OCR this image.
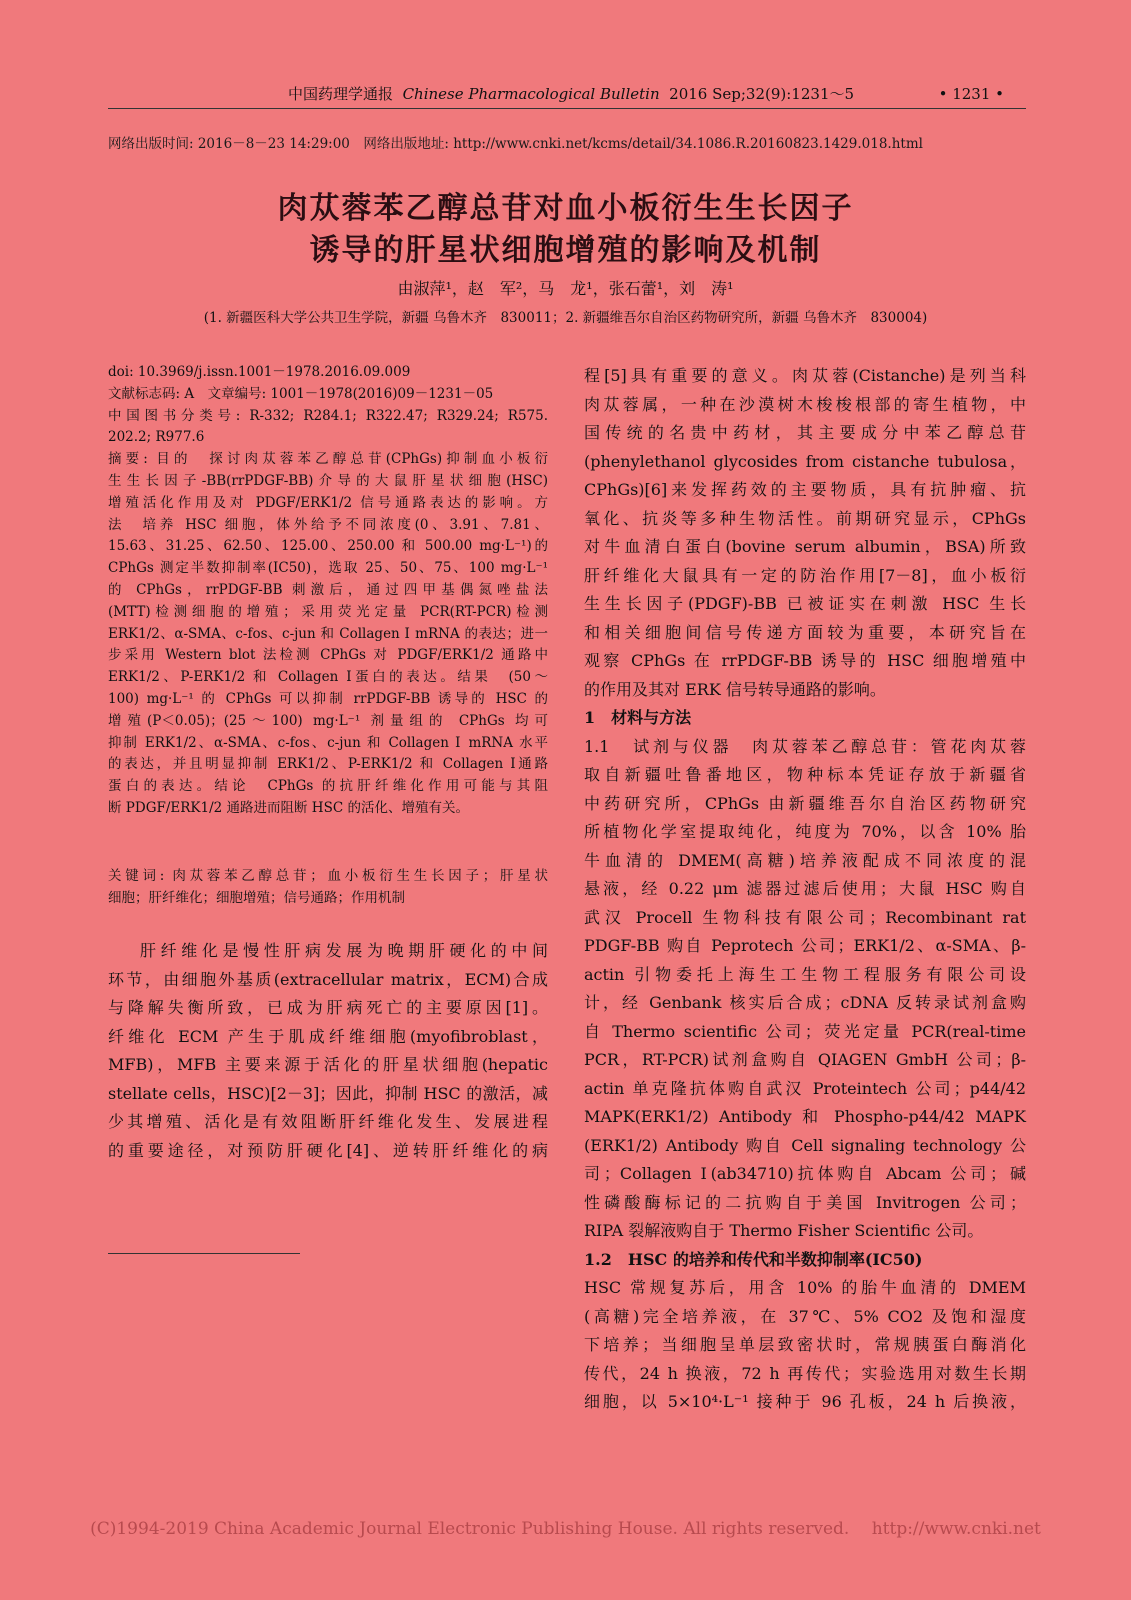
中国药理学通报 Chinese Pharmacological Bulletin 2016 Sep;32(9):1231～5	• 1231 •
网络出版时间: 2016－8－23 14:29:00　网络出版地址: http://www.cnki.net/kcms/detail/34.1086.R.20160823.1429.018.html
肉苁蓉苯乙醇总苷对血小板衍生生长因子
诱导的肝星状细胞增殖的影响及机制
由淑萍¹，赵　军²，马　龙¹，张石蕾¹，刘　涛¹
(1. 新疆医科大学公共卫生学院，新疆 乌鲁木齐　830011；2. 新疆维吾尔自治区药物研究所，新疆 乌鲁木齐　830004)

doi: 10.3969/j.issn.1001－1978.2016.09.009

文献标志码: A　文章编号: 1001－1978(2016)09－1231－05

中国图书分类号: R-332; R284.1; R322.47; R329.24; R575.

202.2; R977.6

摘要: 目的　探讨肉苁蓉苯乙醇总苷(CPhGs)抑制血小板衍

生生长因子-BB(rrPDGF-BB)介导的大鼠肝星状细胞(HSC)

增殖活化作用及对 PDGF/ERK1/2 信号通路表达的影响。方

法　培养 HSC 细胞，体外给予不同浓度(0、3.91、7.81、

15.63、31.25、62.50、125.00、250.00 和 500.00 mg·L⁻¹)的

CPhGs 测定半数抑制率(IC50)，选取 25、50、75、100 mg·L⁻¹

的 CPhGs，rrPDGF-BB 刺激后，通过四甲基偶氮唑盐法

(MTT)检测细胞的增殖；采用荧光定量 PCR(RT-PCR)检测

ERK1/2、α-SMA、c-fos、c-jun 和 Collagen Ⅰ mRNA 的表达；进一

步采用 Western blot 法检测 CPhGs 对 PDGF/ERK1/2 通路中

ERK1/2、P-ERK1/2 和 Collagen Ⅰ蛋白的表达。结果　(50～

100) mg·L⁻¹ 的 CPhGs 可以抑制 rrPDGF-BB 诱导的 HSC 的

增殖(P＜0.05)；(25～100) mg·L⁻¹ 剂量组的 CPhGs 均可

抑制 ERK1/2、α-SMA、c-fos、c-jun 和 Collagen Ⅰ mRNA 水平

的表达，并且明显抑制 ERK1/2、P-ERK1/2 和 Collagen Ⅰ通路

蛋白的表达。结论　CPhGs 的抗肝纤维化作用可能与其阻

断 PDGF/ERK1/2 通路进而阻断 HSC 的活化、增殖有关。

关键词: 肉苁蓉苯乙醇总苷；血小板衍生生长因子；肝星状

细胞；肝纤维化；细胞增殖；信号通路；作用机制

肝纤维化是慢性肝病发展为晚期肝硬化的中间

环节，由细胞外基质(extracellular matrix，ECM)合成

与降解失衡所致，已成为肝病死亡的主要原因[1]。

纤维化 ECM 产生于肌成纤维细胞(myofibroblast，

MFB)，MFB 主要来源于活化的肝星状细胞(hepatic

stellate cells，HSC)[2－3]；因此，抑制 HSC 的激活，减

少其增殖、活化是有效阻断肝纤维化发生、发展进程

的重要途径，对预防肝硬化[4]、逆转肝纤维化的病

程[5]具有重要的意义。肉苁蓉(Cistanche)是列当科

肉苁蓉属，一种在沙漠树木梭梭根部的寄生植物，中

国传统的名贵中药材，其主要成分中苯乙醇总苷

(phenylethanol glycosides from cistanche tubulosa，

CPhGs)[6]来发挥药效的主要物质，具有抗肿瘤、抗

氧化、抗炎等多种生物活性。前期研究显示，CPhGs

对牛血清白蛋白(bovine serum albumin，BSA)所致

肝纤维化大鼠具有一定的防治作用[7－8]，血小板衍

生生长因子(PDGF)-BB 已被证实在刺激 HSC 生长

和相关细胞间信号传递方面较为重要，本研究旨在

观察 CPhGs 在 rrPDGF-BB 诱导的 HSC 细胞增殖中

的作用及其对 ERK 信号转导通路的影响。

1　材料与方法

1.1　试剂与仪器　肉苁蓉苯乙醇总苷：管花肉苁蓉

取自新疆吐鲁番地区，物种标本凭证存放于新疆省

中药研究所，CPhGs 由新疆维吾尔自治区药物研究

所植物化学室提取纯化，纯度为 70%，以含 10% 胎

牛血清的 DMEM(高糖)培养液配成不同浓度的混

悬液，经 0.22 μm 滤器过滤后使用；大鼠 HSC 购自

武汉 Procell 生物科技有限公司；Recombinant rat

PDGF-BB 购自 Peprotech 公司；ERK1/2、α-SMA、β-

actin 引物委托上海生工生物工程服务有限公司设

计，经 Genbank 核实后合成；cDNA 反转录试剂盒购

自 Thermo scientific 公司；荧光定量 PCR(real-time

PCR，RT-PCR)试剂盒购自 QIAGEN GmbH 公司；β-

actin 单克隆抗体购自武汉 Proteintech 公司；p44/42

MAPK(ERK1/2) Antibody 和 Phospho-p44/42 MAPK

(ERK1/2) Antibody 购自 Cell signaling technology 公

司；Collagen Ⅰ(ab34710)抗体购自 Abcam 公司；碱

性磷酸酶标记的二抗购自于美国 Invitrogen 公司；

RIPA 裂解液购自于 Thermo Fisher Scientific 公司。

1.2　HSC 的培养和传代和半数抑制率(IC50)

HSC 常规复苏后，用含 10% 的胎牛血清的 DMEM

(高糖)完全培养液，在 37℃、5% CO2 及饱和湿度

下培养；当细胞呈单层致密状时，常规胰蛋白酶消化

传代，24 h 换液，72 h 再传代；实验选用对数生长期

细胞，以 5×10⁴·L⁻¹ 接种于 96 孔板，24 h 后换液，

(C)1994-2019 China Academic Journal Electronic Publishing House. All rights reserved.　 http://www.cnki.net
